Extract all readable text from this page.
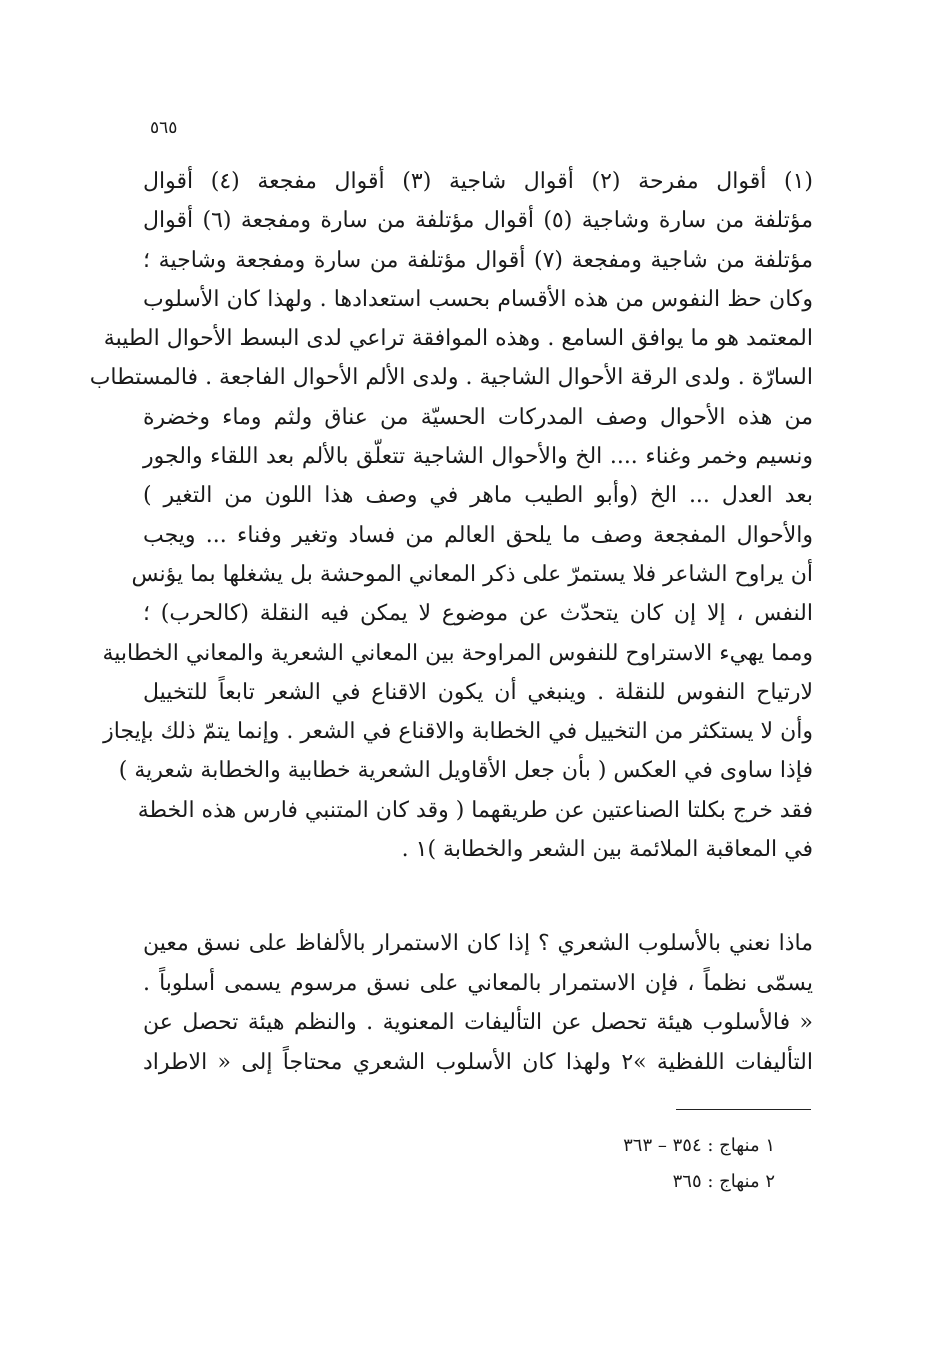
٥٦٥
(١) أقوال مفرحة (٢) أقوال شاجية (٣) أقوال مفجعة (٤) أقوال
مؤتلفة من سارة وشاجية (٥) أقوال مؤتلفة من سارة ومفجعة (٦) أقوال
مؤتلفة من شاجية ومفجعة (٧) أقوال مؤتلفة من سارة ومفجعة وشاجية ؛
وكان حظ النفوس من هذه الأقسام بحسب استعدادها . ولهذا كان الأسلوب
المعتمد هو ما يوافق السامع . وهذه الموافقة تراعي لدى البسط الأحوال الطيبة
السارّة . ولدى الرقة الأحوال الشاجية . ولدى الألم الأحوال الفاجعة . فالمستطاب
من هذه الأحوال وصف المدركات الحسيّة من عناق ولثم وماء وخضرة
ونسيم وخمر وغناء .... الخ والأحوال الشاجية تتعلّق بالألم بعد اللقاء والجور
بعد العدل ... الخ (وأبو الطيب ماهر في وصف هذا اللون من التغير )
والأحوال المفجعة وصف ما يلحق العالم من فساد وتغير وفناء ... ويجب
أن يراوح الشاعر فلا يستمرّ على ذكر المعاني الموحشة بل يشغلها بما يؤنس
النفس ، إلا إن كان يتحدّث عن موضوع لا يمكن فيه النقلة (كالحرب) ؛
ومما يهيء الاستراوح للنفوس المراوحة بين المعاني الشعرية والمعاني الخطابية
لارتياح النفوس للنقلة . وينبغي أن يكون الاقناع في الشعر تابعاً للتخييل
وأن لا يستكثر من التخييل في الخطابة والاقناع في الشعر . وإنما يتمّ ذلك بإيجاز
فإذا ساوى في العكس ( بأن جعل الأقاويل الشعرية خطابية والخطابة شعرية )
فقد خرج بكلتا الصناعتين عن طريقهما ( وقد كان المتنبي فارس هذه الخطة
في المعاقبة الملائمة بين الشعر والخطابة )١ .
ماذا نعني بالأسلوب الشعري ؟ إذا كان الاستمرار بالألفاظ على نسق معين
يسمّى نظماً ، فإن الاستمرار بالمعاني على نسق مرسوم يسمى أسلوباً .
« فالأسلوب هيئة تحصل عن التأليفات المعنوية . والنظم هيئة تحصل عن
التأليفات اللفظية »٢ ولهذا كان الأسلوب الشعري محتاجاً إلى « الاطراد
١ منهاج : ٣٥٤ – ٣٦٣
٢ منهاج : ٣٦٥
